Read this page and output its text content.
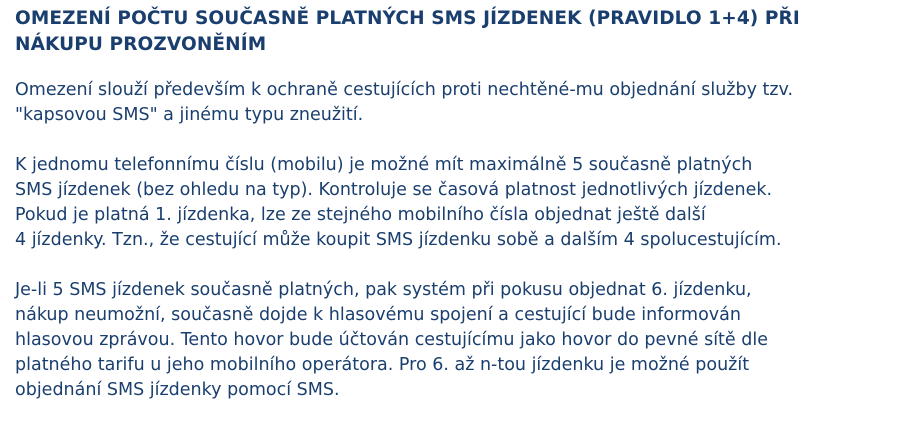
OMEZENÍ POČTU SOUČASNĚ PLATNÝCH SMS JÍZDENEK (PRAVIDLO 1+4) PŘI
NÁKUPU PROZVONĚNÍM

Omezení slouží především k ochraně cestujících proti nechtěné-mu objednání služby tzv.
"kapsovou SMS" a jinému typu zneužití.

K jednomu telefonnímu číslu (mobilu) je možné mít maximálně 5 současně platných
SMS jízdenek (bez ohledu na typ). Kontroluje se časová platnost jednotlivých jízdenek.
Pokud je platná 1. jízdenka, lze ze stejného mobilního čísla objednat ještě další
4 jízdenky. Tzn., že cestující může koupit SMS jízdenku sobě a dalším 4 spolucestujícím.

Je-li 5 SMS jízdenek současně platných, pak systém při pokusu objednat 6. jízdenku,
nákup neumožní, současně dojde k hlasovému spojení a cestující bude informován
hlasovou zprávou. Tento hovor bude účtován cestujícímu jako hovor do pevné sítě dle
platného tarifu u jeho mobilního operátora. Pro 6. až n-tou jízdenku je možné použít
objednání SMS jízdenky pomocí SMS.
